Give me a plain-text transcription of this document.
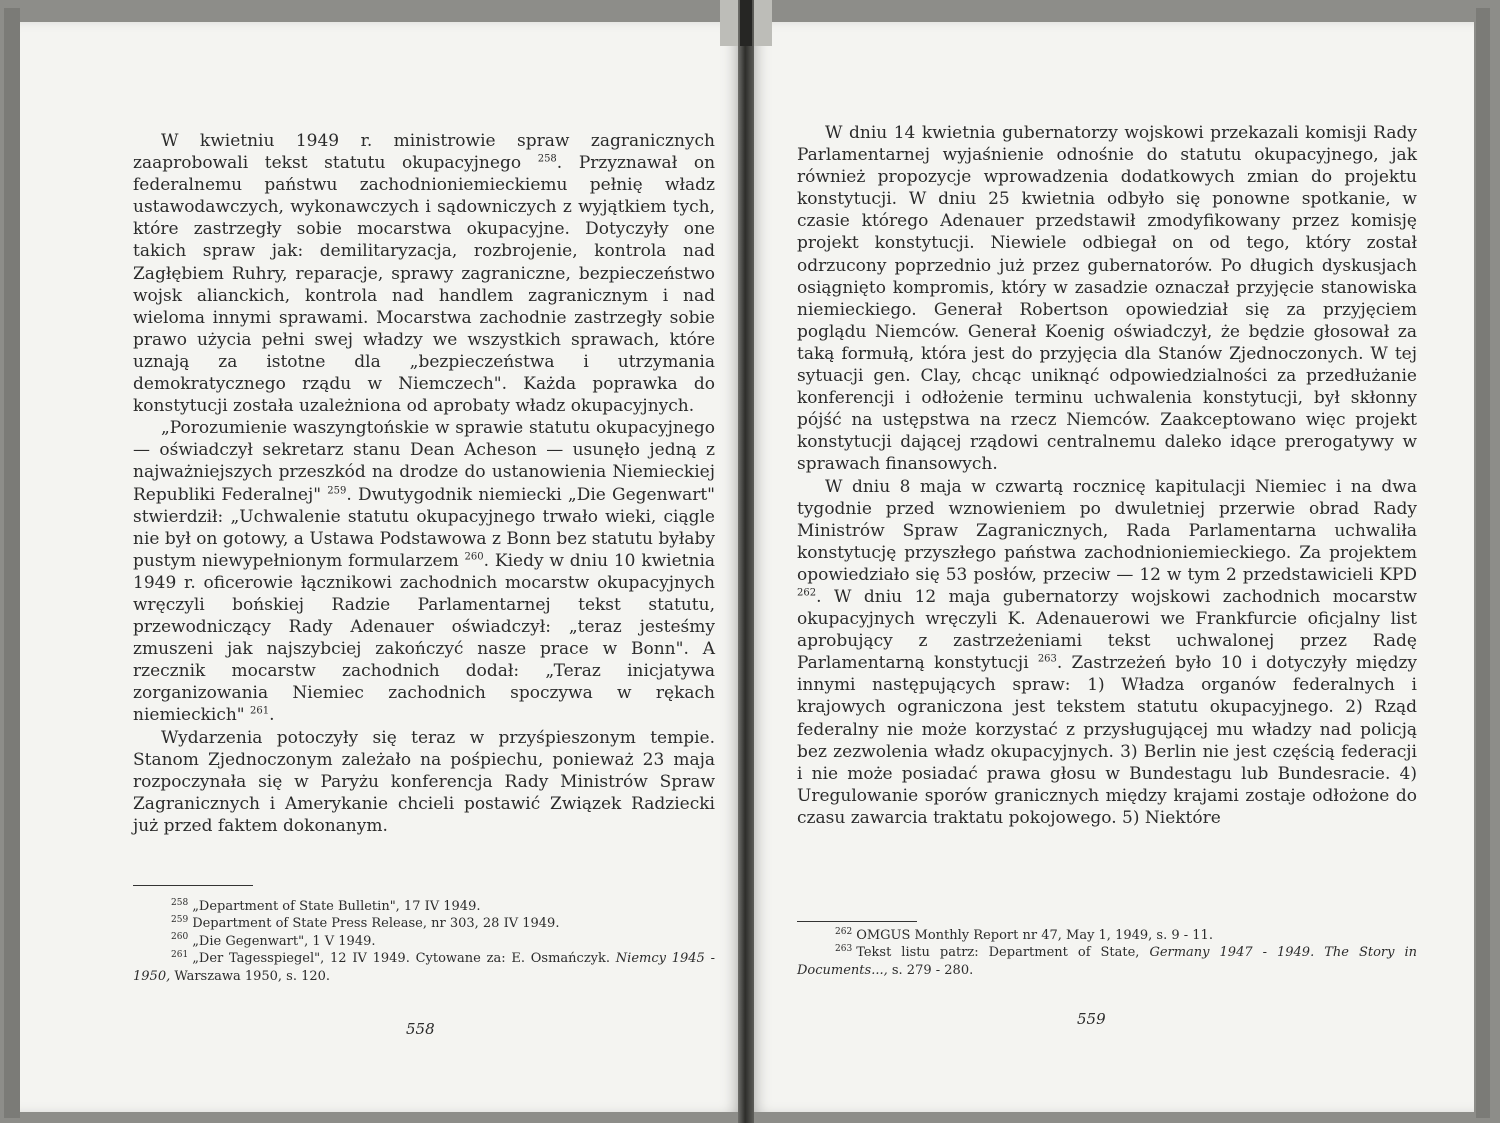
W kwietniu 1949 r. ministrowie spraw zagranicznych zaaprobowali tekst statutu okupacyjnego $^{258}$. Przyznawał on federalnemu państwu zachodnioniemieckiemu pełnię władz ustawodawczych, wykonawczych i sądowniczych z wyjątkiem tych, które zastrzegły sobie mocarstwa okupacyjne. Dotyczyły one takich spraw jak: demilitaryzacja, rozbrojenie, kontrola nad Zagłębiem Ruhry, reparacje, sprawy zagraniczne, bezpieczeństwo wojsk alianckich, kontrola nad handlem zagranicznym i nad wieloma innymi sprawami. Mocarstwa zachodnie zastrzegły sobie prawo użycia pełni swej władzy we wszystkich sprawach, które uznają za istotne dla „bezpieczeństwa i utrzymania demokratycznego rządu w Niemczech". Każda poprawka do konstytucji została uzależniona od aprobaty władz okupacyjnych.

„Porozumienie waszyngtońskie w sprawie statutu okupacyjnego — oświadczył sekretarz stanu Dean Acheson — usunęło jedną z najważniejszych przeszkód na drodze do ustanowienia Niemieckiej Republiki Federalnej" $^{259}$. Dwutygodnik niemiecki „Die Gegenwart" stwierdził: „Uchwalenie statutu okupacyjnego trwało wieki, ciągle nie był on gotowy, a Ustawa Podstawowa z Bonn bez statutu byłaby pustym niewypełnionym formularzem $^{260}$. Kiedy w dniu 10 kwietnia 1949 r. oficerowie łącznikowi zachodnich mocarstw okupacyjnych wręczyli bońskiej Radzie Parlamentarnej tekst statutu, przewodniczący Rady Adenauer oświadczył: „teraz jesteśmy zmuszeni jak najszybciej zakończyć nasze prace w Bonn". A rzecznik mocarstw zachodnich dodał: „Teraz inicjatywa zorganizowania Niemiec zachodnich spoczywa w rękach niemieckich" $^{261}$.

Wydarzenia potoczyły się teraz w przyśpieszonym tempie. Stanom Zjednoczonym zależało na pośpiechu, ponieważ 23 maja rozpoczynała się w Paryżu konferencja Rady Ministrów Spraw Zagranicznych i Amerykanie chcieli postawić Związek Radziecki już przed faktem dokonanym.

$^{258}$ „Department of State Bulletin", 17 IV 1949.

$^{259}$ Department of State Press Release, nr 303, 28 IV 1949.

$^{260}$ „Die Gegenwart", 1 V 1949.

$^{261}$ „Der Tagesspiegel", 12 IV 1949. Cytowane za: E. Osmańczyk. Niemcy 1945 - 1950, Warszawa 1950, s. 120.

558

W dniu 14 kwietnia gubernatorzy wojskowi przekazali komisji Rady Parlamentarnej wyjaśnienie odnośnie do statutu okupacyjnego, jak również propozycje wprowadzenia dodatkowych zmian do projektu konstytucji. W dniu 25 kwietnia odbyło się ponowne spotkanie, w czasie którego Adenauer przedstawił zmodyfikowany przez komisję projekt konstytucji. Niewiele odbiegał on od tego, który został odrzucony poprzednio już przez gubernatorów. Po długich dyskusjach osiągnięto kompromis, który w zasadzie oznaczał przyjęcie stanowiska niemieckiego. Generał Robertson opowiedział się za przyjęciem poglądu Niemców. Generał Koenig oświadczył, że będzie głosował za taką formułą, która jest do przyjęcia dla Stanów Zjednoczonych. W tej sytuacji gen. Clay, chcąc uniknąć odpowiedzialności za przedłużanie konferencji i odłożenie terminu uchwalenia konstytucji, był skłonny pójść na ustępstwa na rzecz Niemców. Zaakceptowano więc projekt konstytucji dającej rządowi centralnemu daleko idące prerogatywy w sprawach finansowych.

W dniu 8 maja w czwartą rocznicę kapitulacji Niemiec i na dwa tygodnie przed wznowieniem po dwuletniej przerwie obrad Rady Ministrów Spraw Zagranicznych, Rada Parlamentarna uchwaliła konstytucję przyszłego państwa zachodnioniemieckiego. Za projektem opowiedziało się 53 posłów, przeciw — 12 w tym 2 przedstawicieli KPD $^{262}$. W dniu 12 maja gubernatorzy wojskowi zachodnich mocarstw okupacyjnych wręczyli K. Adenauerowi we Frankfurcie oficjalny list aprobujący z zastrzeżeniami tekst uchwalonej przez Radę Parlamentarną konstytucji $^{263}$. Zastrzeżeń było 10 i dotyczyły między innymi następujących spraw: 1) Władza organów federalnych i krajowych ograniczona jest tekstem statutu okupacyjnego. 2) Rząd federalny nie może korzystać z przysługującej mu władzy nad policją bez zezwolenia władz okupacyjnych. 3) Berlin nie jest częścią federacji i nie może posiadać prawa głosu w Bundestagu lub Bundesracie. 4) Uregulowanie sporów granicznych między krajami zostaje odłożone do czasu zawarcia traktatu pokojowego. 5) Niektóre

$^{262}$ OMGUS Monthly Report nr 47, May 1, 1949, s. 9 - 11.

$^{263}$ Tekst listu patrz: Department of State, Germany 1947 - 1949. The Story in Documents..., s. 279 - 280.

559
